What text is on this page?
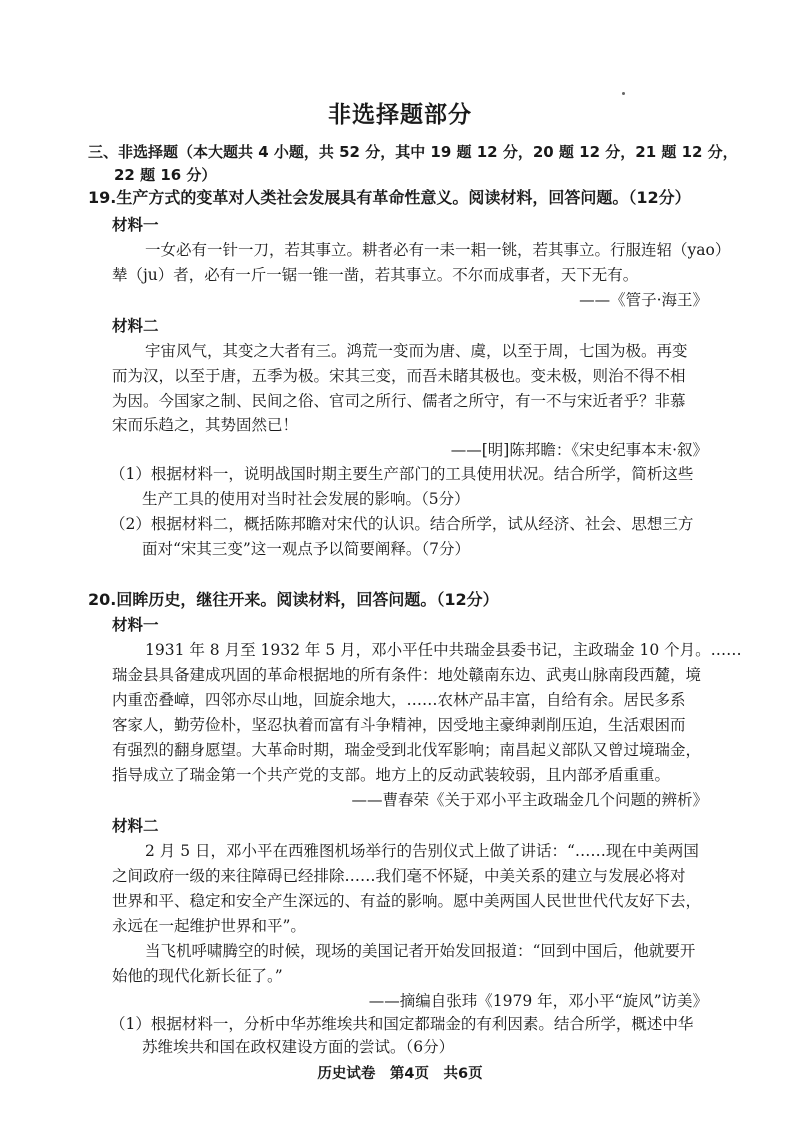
非选择题部分
三、非选择题（本大题共 4 小题，共 52 分，其中 19 题 12 分，20 题 12 分，21 题 12 分，
22 题 16 分）
19.生产方式的变革对人类社会发展具有革命性意义。阅读材料，回答问题。（12分）
材料一
一女必有一针一刀，若其事立。耕者必有一耒一耜一铫，若其事立。行服连轺（yao）
辇（ju）者，必有一斤一锯一锥一凿，若其事立。不尔而成事者，天下无有。
——《管子·海王》
材料二
宇宙风气，其变之大者有三。鸿荒一变而为唐、虞，以至于周，七国为极。再变
而为汉，以至于唐，五季为极。宋其三变，而吾未睹其极也。变未极，则治不得不相
为因。今国家之制、民间之俗、官司之所行、儒者之所守，有一不与宋近者乎？非慕
宋而乐趋之，其势固然已！
——[明]陈邦瞻：《宋史纪事本末·叙》
（1）根据材料一，说明战国时期主要生产部门的工具使用状况。结合所学，简析这些
生产工具的使用对当时社会发展的影响。（5分）
（2）根据材料二，概括陈邦瞻对宋代的认识。结合所学，试从经济、社会、思想三方
面对“宋其三变”这一观点予以简要阐释。（7分）
20.回眸历史，继往开来。阅读材料，回答问题。（12分）
材料一
1931 年 8 月至 1932 年 5 月，邓小平任中共瑞金县委书记，主政瑞金 10 个月。……
瑞金县具备建成巩固的革命根据地的所有条件：地处赣南东边、武夷山脉南段西麓，境
内重峦叠嶂，四邻亦尽山地，回旋余地大，……农林产品丰富，自给有余。居民多系
客家人，勤劳俭朴，坚忍执着而富有斗争精神，因受地主豪绅剥削压迫，生活艰困而
有强烈的翻身愿望。大革命时期，瑞金受到北伐军影响；南昌起义部队又曾过境瑞金，
指导成立了瑞金第一个共产党的支部。地方上的反动武装较弱，且内部矛盾重重。
——曹春荣《关于邓小平主政瑞金几个问题的辨析》
材料二
2 月 5 日，邓小平在西雅图机场举行的告别仪式上做了讲话：“……现在中美两国
之间政府一级的来往障碍已经排除……我们毫不怀疑，中美关系的建立与发展必将对
世界和平、稳定和安全产生深远的、有益的影响。愿中美两国人民世世代代友好下去，
永远在一起维护世界和平”。
当飞机呼啸腾空的时候，现场的美国记者开始发回报道：“回到中国后，他就要开
始他的现代化新长征了。”
——摘编自张玮《1979 年，邓小平“旋风”访美》
（1）根据材料一，分析中华苏维埃共和国定都瑞金的有利因素。结合所学，概述中华
苏维埃共和国在政权建设方面的尝试。（6分）
历史试卷　第4页　共6页
